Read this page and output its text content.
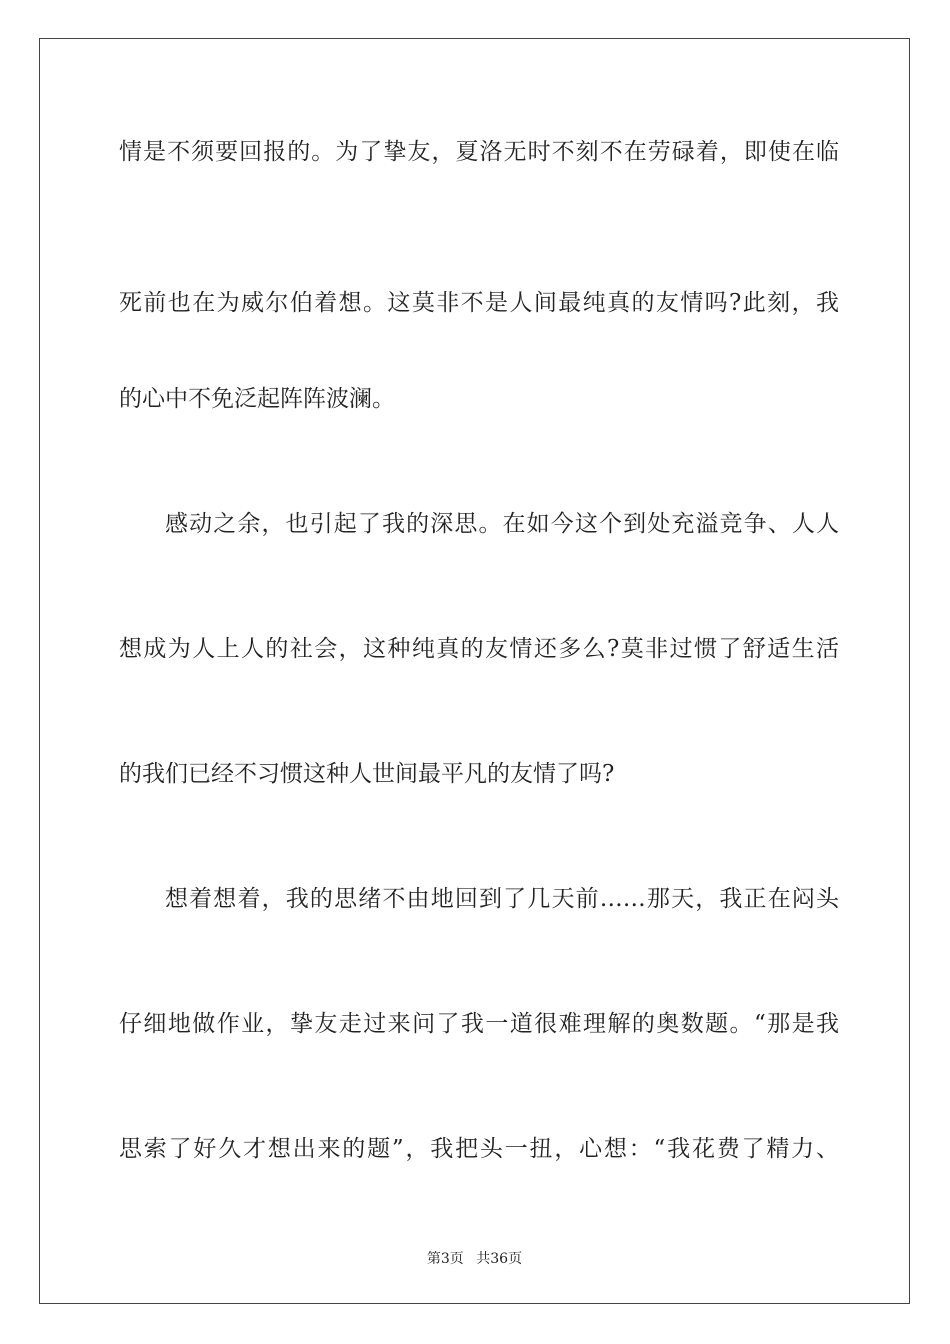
情是不须要回报的。为了挚友，夏洛无时不刻不在劳碌着，即使在临
死前也在为威尔伯着想。这莫非不是人间最纯真的友情吗?此刻，我
的心中不免泛起阵阵波澜。
感动之余，也引起了我的深思。在如今这个到处充溢竞争、人人
想成为人上人的社会，这种纯真的友情还多么?莫非过惯了舒适生活
的我们已经不习惯这种人世间最平凡的友情了吗?
想着想着，我的思绪不由地回到了几天前……那天，我正在闷头
仔细地做作业，挚友走过来问了我一道很难理解的奥数题。“那是我
思索了好久才想出来的题”，我把头一扭，心想：“我花费了精力、
第3页 共36页
